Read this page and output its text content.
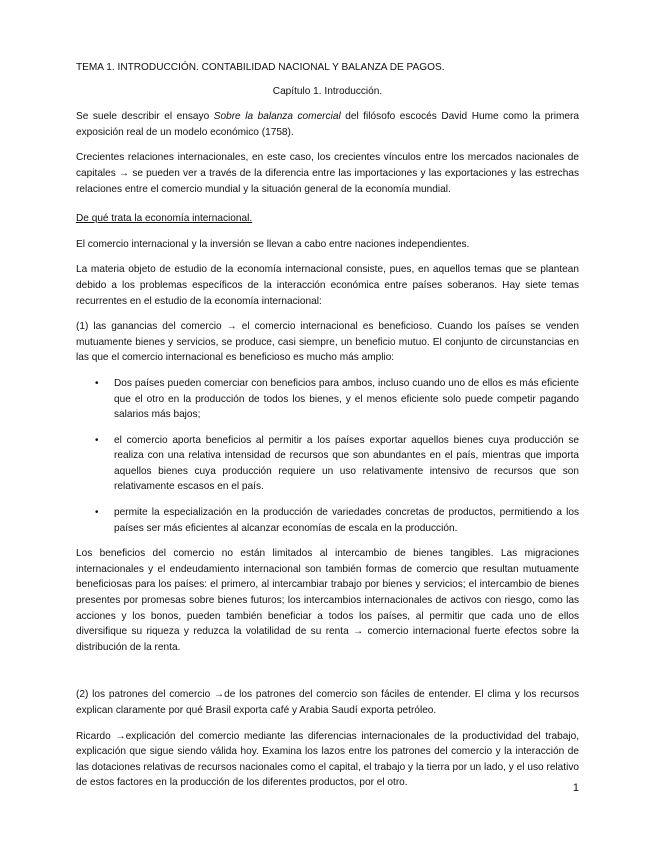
TEMA 1. INTRODUCCIÓN. CONTABILIDAD NACIONAL Y BALANZA DE PAGOS.

Capítulo 1. Introducción.

Se suele describir el ensayo Sobre la balanza comercial del filósofo escocés David Hume como la primera exposición real de un modelo económico (1758).

Crecientes relaciones internacionales, en este caso, los crecientes vínculos entre los mercados nacionales de capitales → se pueden ver a través de la diferencia entre las importaciones y las exportaciones y las estrechas relaciones entre el comercio mundial y la situación general de la economía mundial.

De qué trata la economía internacional.

El comercio internacional y la inversión se llevan a cabo entre naciones independientes.

La materia objeto de estudio de la economía internacional consiste, pues, en aquellos temas que se plantean debido a los problemas específicos de la interacción económica entre países soberanos. Hay siete temas recurrentes en el estudio de la economía internacional:

(1) las ganancias del comercio → el comercio internacional es beneficioso. Cuando los países se venden mutuamente bienes y servicios, se produce, casi siempre, un beneficio mutuo. El conjunto de circunstancias en las que el comercio internacional es beneficioso es mucho más amplio:

• Dos países pueden comerciar con beneficios para ambos, incluso cuando uno de ellos es más eficiente que el otro en la producción de todos los bienes, y el menos eficiente solo puede competir pagando salarios más bajos;
• el comercio aporta beneficios al permitir a los países exportar aquellos bienes cuya producción se realiza con una relativa intensidad de recursos que son abundantes en el país, mientras que importa aquellos bienes cuya producción requiere un uso relativamente intensivo de recursos que son relativamente escasos en el país.
• permite la especialización en la producción de variedades concretas de productos, permitiendo a los países ser más eficientes al alcanzar economías de escala en la producción.

Los beneficios del comercio no están limitados al intercambio de bienes tangibles. Las migraciones internacionales y el endeudamiento internacional son también formas de comercio que resultan mutuamente beneficiosas para los países: el primero, al intercambiar trabajo por bienes y servicios; el intercambio de bienes presentes por promesas sobre bienes futuros; los intercambios internacionales de activos con riesgo, como las acciones y los bonos, pueden también beneficiar a todos los países, al permitir que cada uno de ellos diversifique su riqueza y reduzca la volatilidad de su renta → comercio internacional fuerte efectos sobre la distribución de la renta.

(2) los patrones del comercio →de los patrones del comercio son fáciles de entender. El clima y los recursos explican claramente por qué Brasil exporta café y Arabia Saudí exporta petróleo.

Ricardo →explicación del comercio mediante las diferencias internacionales de la productividad del trabajo, explicación que sigue siendo válida hoy. Examina los lazos entre los patrones del comercio y la interacción de las dotaciones relativas de recursos nacionales como el capital, el trabajo y la tierra por un lado, y el uso relativo de estos factores en la producción de los diferentes productos, por el otro.	1
